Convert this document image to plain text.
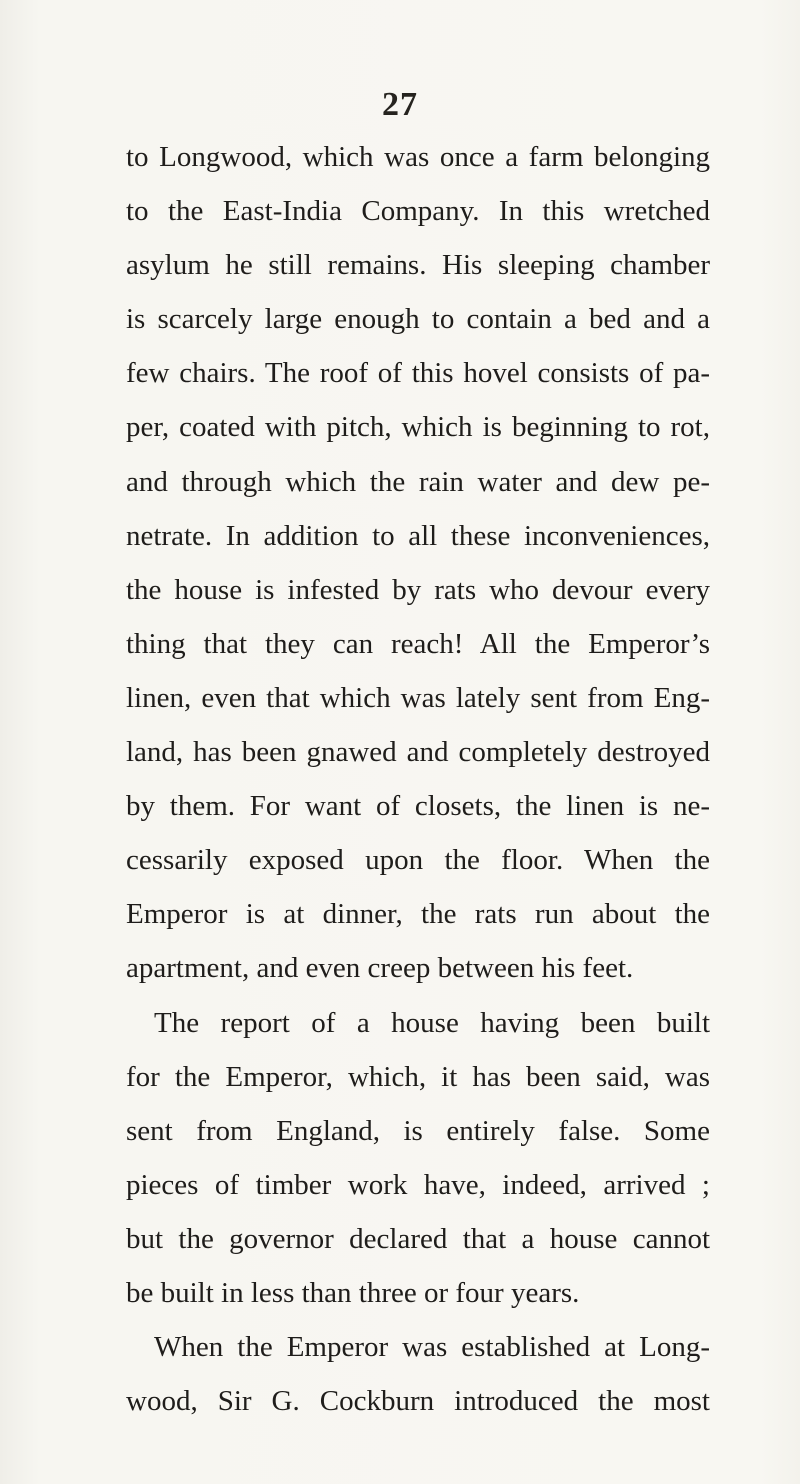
27
to Longwood, which was once a farm belonging
to the East-India Company. In this wretched
asylum he still remains. His sleeping chamber
is scarcely large enough to contain a bed and a
few chairs. The roof of this hovel consists of pa-
per, coated with pitch, which is beginning to rot,
and through which the rain water and dew pe-
netrate. In addition to all these inconveniences,
the house is infested by rats who devour every
thing that they can reach! All the Emperor’s
linen, even that which was lately sent from Eng-
land, has been gnawed and completely destroyed
by them. For want of closets, the linen is ne-
cessarily exposed upon the floor. When the
Emperor is at dinner, the rats run about the
apartment, and even creep between his feet.
The report of a house having been built
for the Emperor, which, it has been said, was
sent from England, is entirely false. Some
pieces of timber work have, indeed, arrived ;
but the governor declared that a house cannot
be built in less than three or four years.
When the Emperor was established at Long-
wood, Sir G. Cockburn introduced the most
